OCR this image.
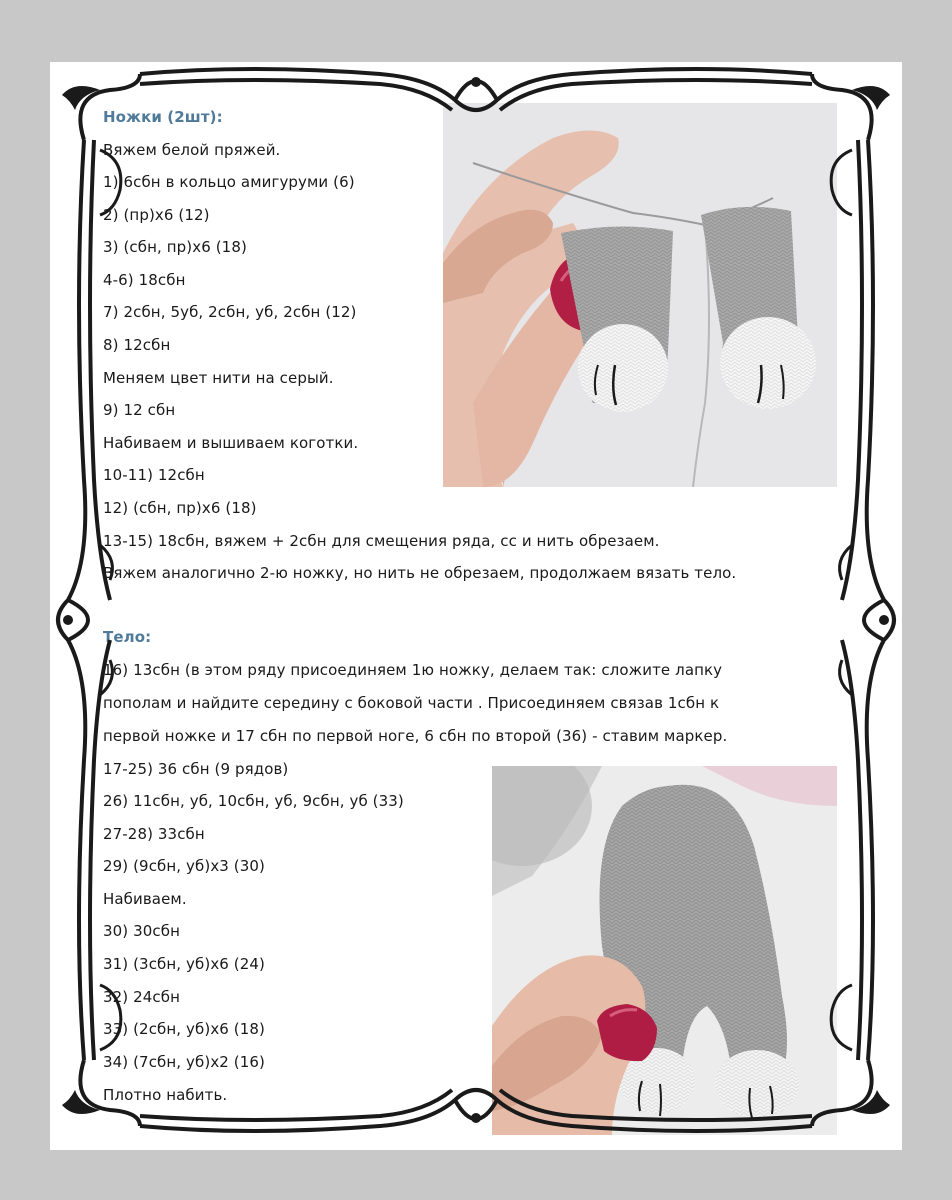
Ножки (2шт):
Вяжем белой пряжей.
1) 6сбн в кольцо амигуруми (6)
2) (пр)х6 (12)
3) (сбн, пр)х6 (18)
4-6) 18сбн
7) 2сбн, 5уб, 2сбн, уб, 2сбн (12)
8) 12сбн
Меняем цвет нити на серый.
9) 12 сбн
Набиваем и вышиваем коготки.
10-11) 12сбн
12) (сбн, пр)х6 (18)
13-15) 18сбн, вяжем + 2сбн для смещения ряда, сс и нить обрезаем.
Вяжем аналогично 2-ю ножку, но нить не обрезаем, продолжаем вязать тело.
Тело:
16) 13сбн (в этом ряду присоединяем 1ю ножку, делаем так: сложите лапку
пополам и найдите середину с боковой части . Присоединяем связав 1сбн к
первой ножке и 17 сбн по первой ноге, 6 сбн по второй (36) - ставим маркер.
17-25) 36 сбн (9 рядов)
26) 11сбн, уб, 10сбн, уб, 9сбн, уб (33)
27-28) 33сбн
29) (9сбн, уб)х3 (30)
Набиваем.
30) 30сбн
31) (3сбн, уб)х6 (24)
32) 24сбн
33) (2сбн, уб)х6 (18)
34) (7сбн, уб)х2 (16)
Плотно набить.
